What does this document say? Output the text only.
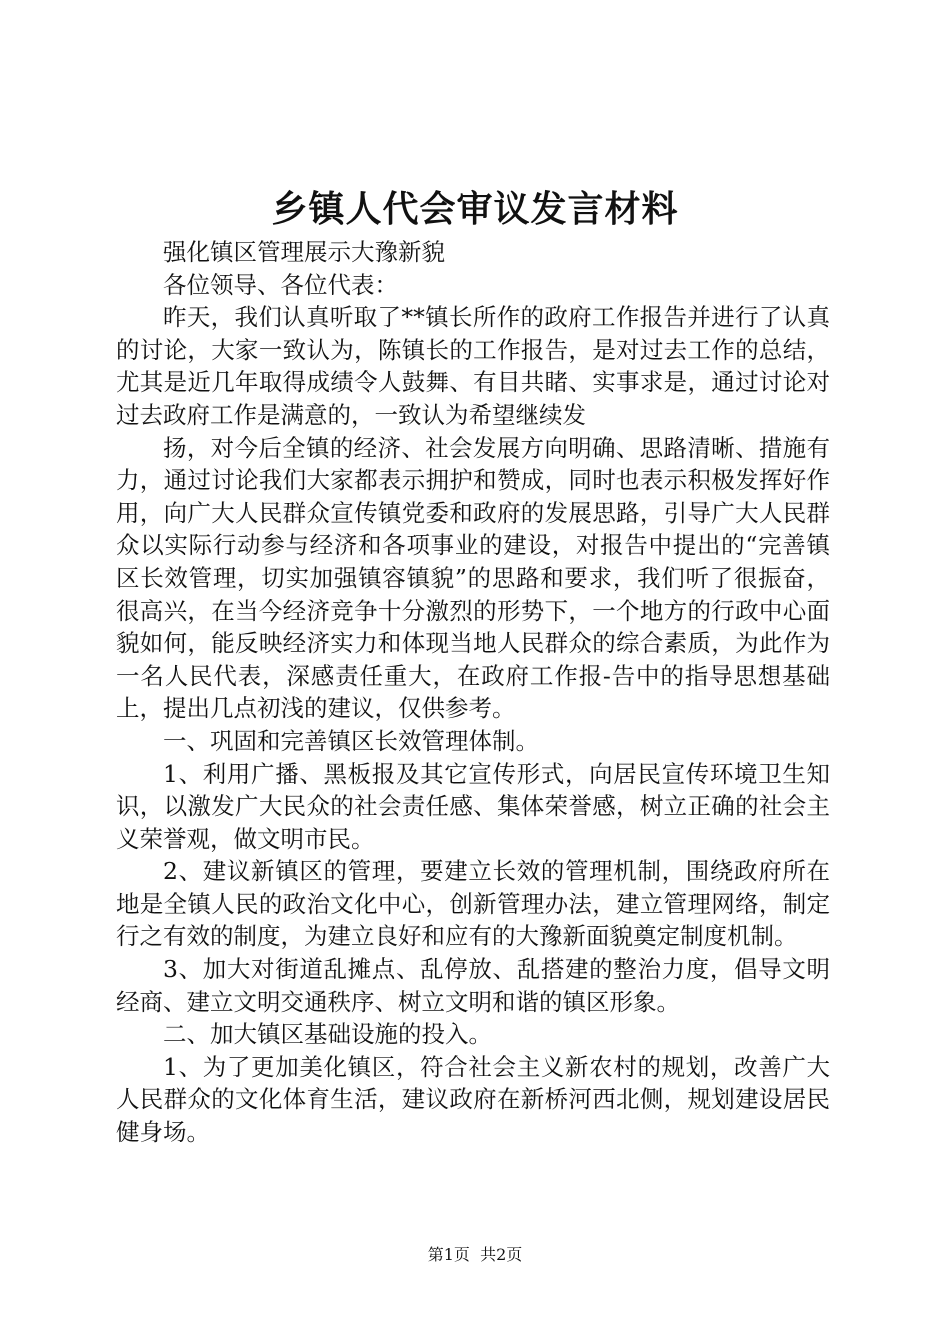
乡镇人代会审议发言材料

强化镇区管理展示大豫新貌

各位领导、各位代表：

昨天，我们认真听取了**镇长所作的政府工作报告并进行了认真的讨论，大家一致认为，陈镇长的工作报告，是对过去工作的总结，尤其是近几年取得成绩令人鼓舞、有目共睹、实事求是，通过讨论对过去政府工作是满意的，一致认为希望继续发

扬，对今后全镇的经济、社会发展方向明确、思路清晰、措施有力，通过讨论我们大家都表示拥护和赞成，同时也表示积极发挥好作用，向广大人民群众宣传镇党委和政府的发展思路，引导广大人民群众以实际行动参与经济和各项事业的建设，对报告中提出的“完善镇区长效管理，切实加强镇容镇貌”的思路和要求，我们听了很振奋，很高兴，在当今经济竞争十分激烈的形势下，一个地方的行政中心面貌如何，能反映经济实力和体现当地人民群众的综合素质，为此作为一名人民代表，深感责任重大，在政府工作报-告中的指导思想基础上，提出几点初浅的建议，仅供参考。

一、巩固和完善镇区长效管理体制。

1、利用广播、黑板报及其它宣传形式，向居民宣传环境卫生知识，以激发广大民众的社会责任感、集体荣誉感，树立正确的社会主义荣誉观，做文明市民。

2、建议新镇区的管理，要建立长效的管理机制，围绕政府所在地是全镇人民的政治文化中心，创新管理办法，建立管理网络，制定行之有效的制度，为建立良好和应有的大豫新面貌奠定制度机制。

3、加大对街道乱摊点、乱停放、乱搭建的整治力度，倡导文明经商、建立文明交通秩序、树立文明和谐的镇区形象。

二、加大镇区基础设施的投入。

1、为了更加美化镇区，符合社会主义新农村的规划，改善广大人民群众的文化体育生活，建议政府在新桥河西北侧，规划建设居民健身场。

第1页  共2页
